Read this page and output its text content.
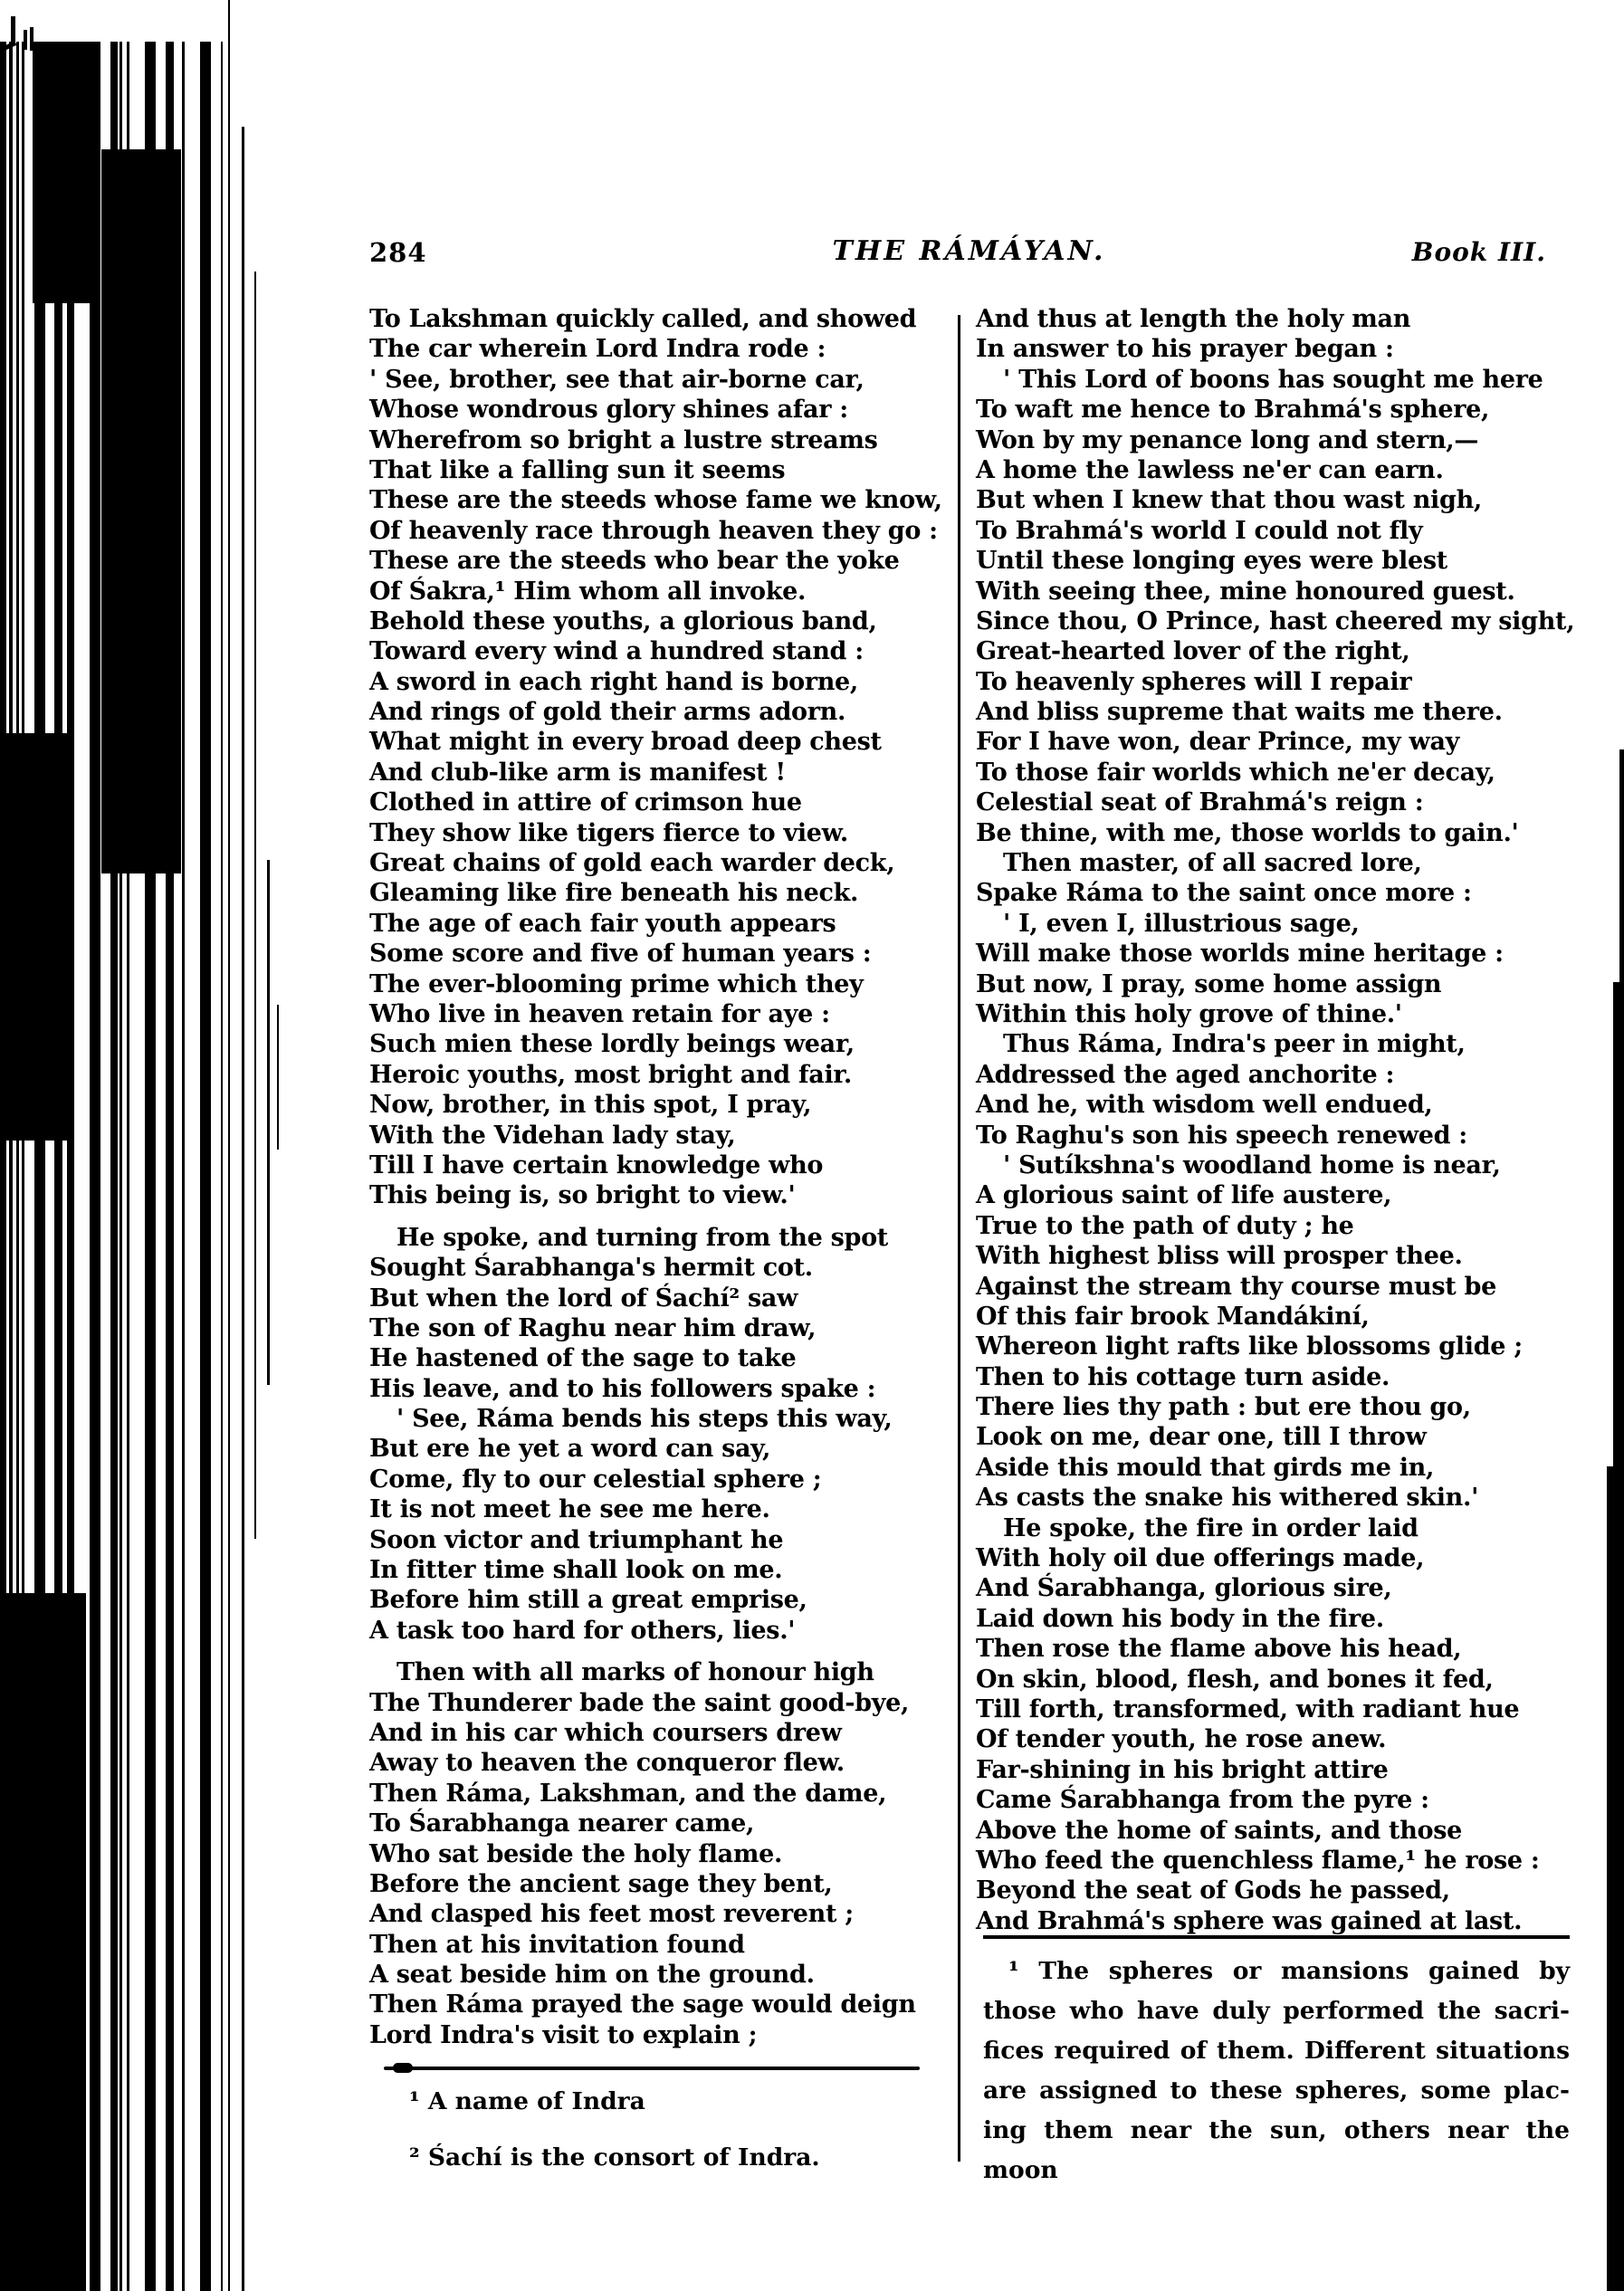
284	THE RÁMÁYAN.	Book III.
To Lakshman quickly called, and showed
The car wherein Lord Indra rode :
' See, brother, see that air-borne car,
Whose wondrous glory shines afar :
Wherefrom so bright a lustre streams
That like a falling sun it seems
These are the steeds whose fame we know,
Of heavenly race through heaven they go :
These are the steeds who bear the yoke
Of Śakra,¹ Him whom all invoke.
Behold these youths, a glorious band,
Toward every wind a hundred stand :
A sword in each right hand is borne,
And rings of gold their arms adorn.
What might in every broad deep chest
And club-like arm is manifest !
Clothed in attire of crimson hue
They show like tigers fierce to view.
Great chains of gold each warder deck,
Gleaming like fire beneath his neck.
The age of each fair youth appears
Some score and five of human years :
The ever-blooming prime which they
Who live in heaven retain for aye :
Such mien these lordly beings wear,
Heroic youths, most bright and fair.
Now, brother, in this spot, I pray,
With the Videhan lady stay,
Till I have certain knowledge who
This being is, so bright to view.'
He spoke, and turning from the spot
Sought Śarabhanga's hermit cot.
But when the lord of Śachí² saw
The son of Raghu near him draw,
He hastened of the sage to take
His leave, and to his followers spake :
' See, Ráma bends his steps this way,
But ere he yet a word can say,
Come, fly to our celestial sphere ;
It is not meet he see me here.
Soon victor and triumphant he
In fitter time shall look on me.
Before him still a great emprise,
A task too hard for others, lies.'
Then with all marks of honour high
The Thunderer bade the saint good-bye,
And in his car which coursers drew
Away to heaven the conqueror flew.
Then Ráma, Lakshman, and the dame,
To Śarabhanga nearer came,
Who sat beside the holy flame.
Before the ancient sage they bent,
And clasped his feet most reverent ;
Then at his invitation found
A seat beside him on the ground.
Then Ráma prayed the sage would deign
Lord Indra's visit to explain ;
And thus at length the holy man
In answer to his prayer began :
' This Lord of boons has sought me here
To waft me hence to Brahmá's sphere,
Won by my penance long and stern,—
A home the lawless ne'er can earn.
But when I knew that thou wast nigh,
To Brahmá's world I could not fly
Until these longing eyes were blest
With seeing thee, mine honoured guest.
Since thou, O Prince, hast cheered my sight,
Great-hearted lover of the right,
To heavenly spheres will I repair
And bliss supreme that waits me there.
For I have won, dear Prince, my way
To those fair worlds which ne'er decay,
Celestial seat of Brahmá's reign :
Be thine, with me, those worlds to gain.'
Then master, of all sacred lore,
Spake Ráma to the saint once more :
' I, even I, illustrious sage,
Will make those worlds mine heritage :
But now, I pray, some home assign
Within this holy grove of thine.'
Thus Ráma, Indra's peer in might,
Addressed the aged anchorite :
And he, with wisdom well endued,
To Raghu's son his speech renewed :
' Sutíkshna's woodland home is near,
A glorious saint of life austere,
True to the path of duty ; he
With highest bliss will prosper thee.
Against the stream thy course must be
Of this fair brook Mandákiní,
Whereon light rafts like blossoms glide ;
Then to his cottage turn aside.
There lies thy path : but ere thou go,
Look on me, dear one, till I throw
Aside this mould that girds me in,
As casts the snake his withered skin.'
He spoke, the fire in order laid
With holy oil due offerings made,
And Śarabhanga, glorious sire,
Laid down his body in the fire.
Then rose the flame above his head,
On skin, blood, flesh, and bones it fed,
Till forth, transformed, with radiant hue
Of tender youth, he rose anew.
Far-shining in his bright attire
Came Śarabhanga from the pyre :
Above the home of saints, and those
Who feed the quenchless flame,¹ he rose :
Beyond the seat of Gods he passed,
And Brahmá's sphere was gained at last.
¹ A name of Indra
² Śachí is the consort of Indra.
¹ The spheres or mansions gained by
those who have duly performed the sacri-
fices required of them. Different situations
are assigned to these spheres, some plac-
ing them near the sun, others near the
moon
